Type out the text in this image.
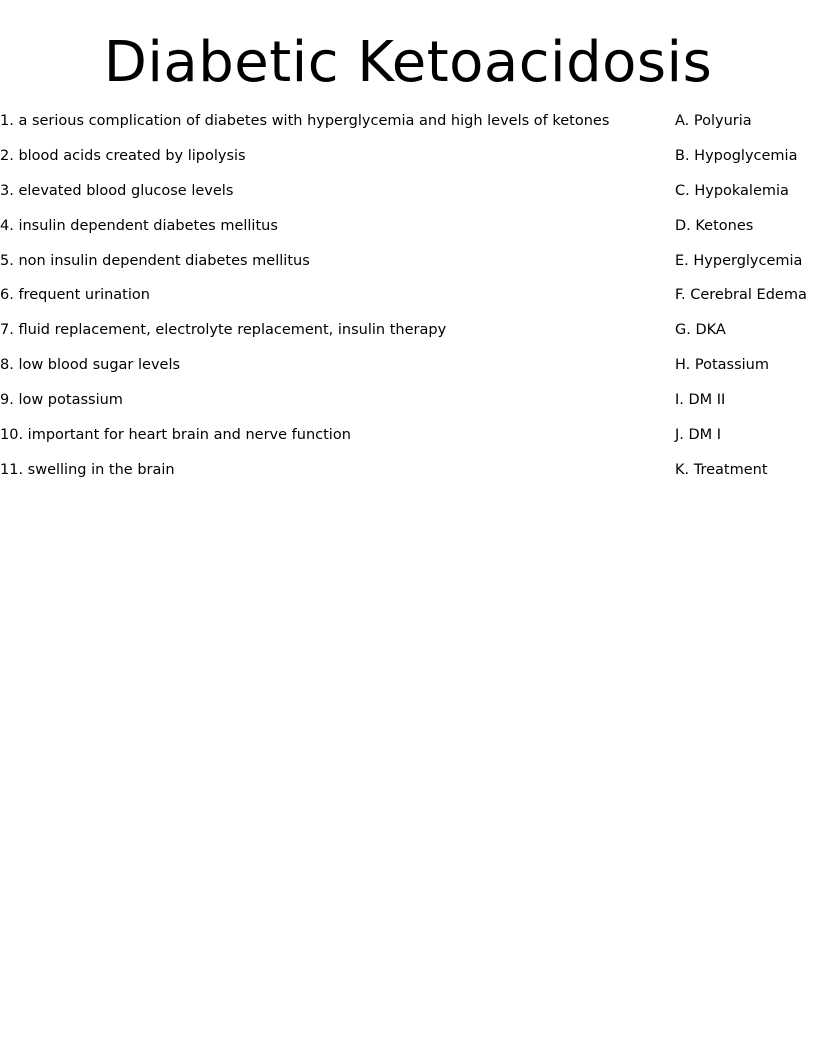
Diabetic Ketoacidosis
1. a serious complication of diabetes with hyperglycemia and high levels of ketones
2. blood acids created by lipolysis
3. elevated blood glucose levels
4. insulin dependent diabetes mellitus
5. non insulin dependent diabetes mellitus
6. frequent urination
7. fluid replacement, electrolyte replacement, insulin therapy
8. low blood sugar levels
9. low potassium
10. important for heart brain and nerve function
11. swelling in the brain
A. Polyuria
B. Hypoglycemia
C. Hypokalemia
D. Ketones
E. Hyperglycemia
F. Cerebral Edema
G. DKA
H. Potassium
I. DM II
J. DM I
K. Treatment
